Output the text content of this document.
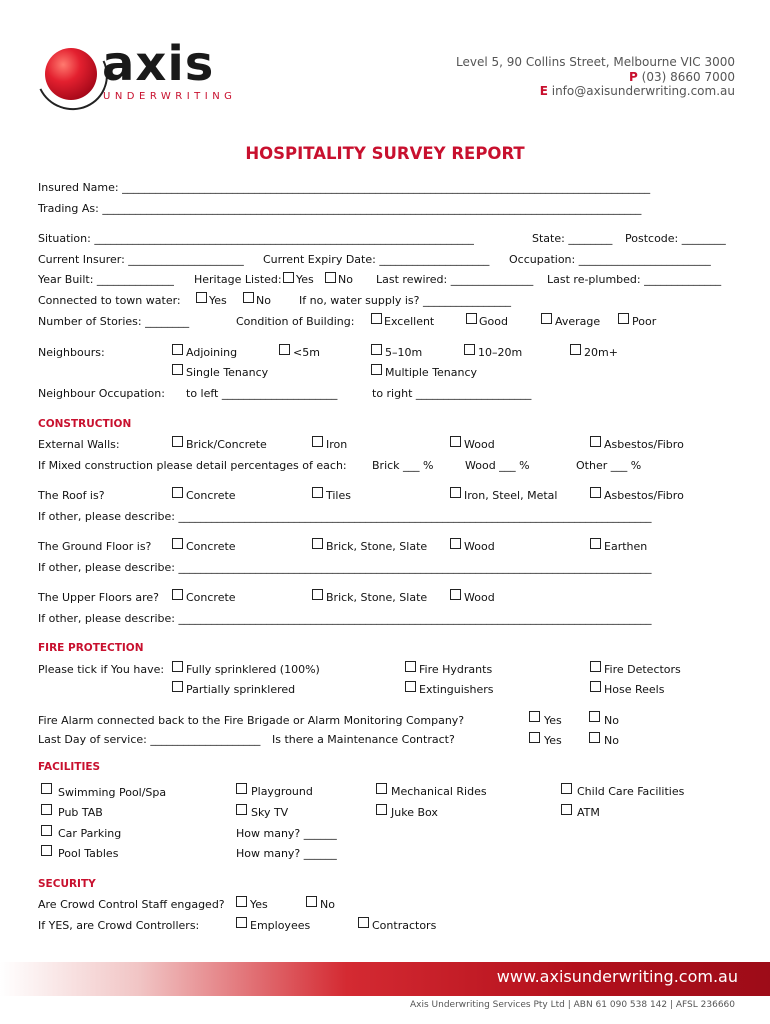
axis
UNDERWRITING
Level 5, 90 Collins Street, Melbourne VIC 3000
P (03) 8660 7000
E info@axisunderwriting.com.au
HOSPITALITY SURVEY REPORT
Insured Name: ________________________________________________________________________________________________
Trading As: __________________________________________________________________________________________________
Situation: _____________________________________________________________________	State: ________ Postcode: ________
Current Insurer: _____________________ Current Expiry Date: ____________________ Occupation: ________________________
Year Built: ______________ Heritage Listed: Yes No Last rewired: _______________ Last re-plumbed: ______________
Connected to town water:	Yes	No	If no, water supply is? ________________
Number of Stories: ________	Condition of Building:	Excellent	Good	Average	Poor
Neighbours:	Adjoining	<5m	5–10m	10–20m	20m+
Single Tenancy	Multiple Tenancy
Neighbour Occupation: to left _____________________	to right _____________________
CONSTRUCTION
External Walls:	Brick/Concrete	Iron	Wood	Asbestos/Fibro
If Mixed construction please detail percentages of each: Brick ___ %	Wood ___ %	Other ___ %
The Roof is?	Concrete	Tiles	Iron, Steel, Metal	Asbestos/Fibro
If other, please describe: ______________________________________________________________________________________
The Ground Floor is?	Concrete	Brick, Stone, Slate	Wood	Earthen
If other, please describe: ______________________________________________________________________________________
The Upper Floors are? Concrete	Brick, Stone, Slate	Wood
If other, please describe: ______________________________________________________________________________________
FIRE PROTECTION
Please tick if You have: Fully sprinklered (100%)	Fire Hydrants	Fire Detectors
Partially sprinklered	Extinguishers	Hose Reels
Fire Alarm connected back to the Fire Brigade or Alarm Monitoring Company?	Yes	No
Last Day of service: ____________________ Is there a Maintenance Contract?	Yes	No
FACILITIES
Swimming Pool/Spa	Playground	Mechanical Rides	Child Care Facilities
Pub TAB	Sky TV	Juke Box	ATM
Car Parking	How many? ______
Pool Tables	How many? ______
SECURITY
Are Crowd Control Staff engaged? Yes	No
If YES, are Crowd Controllers:	Employees	Contractors
www.axisunderwriting.com.au
Axis Underwriting Services Pty Ltd | ABN 61 090 538 142 | AFSL 236660
